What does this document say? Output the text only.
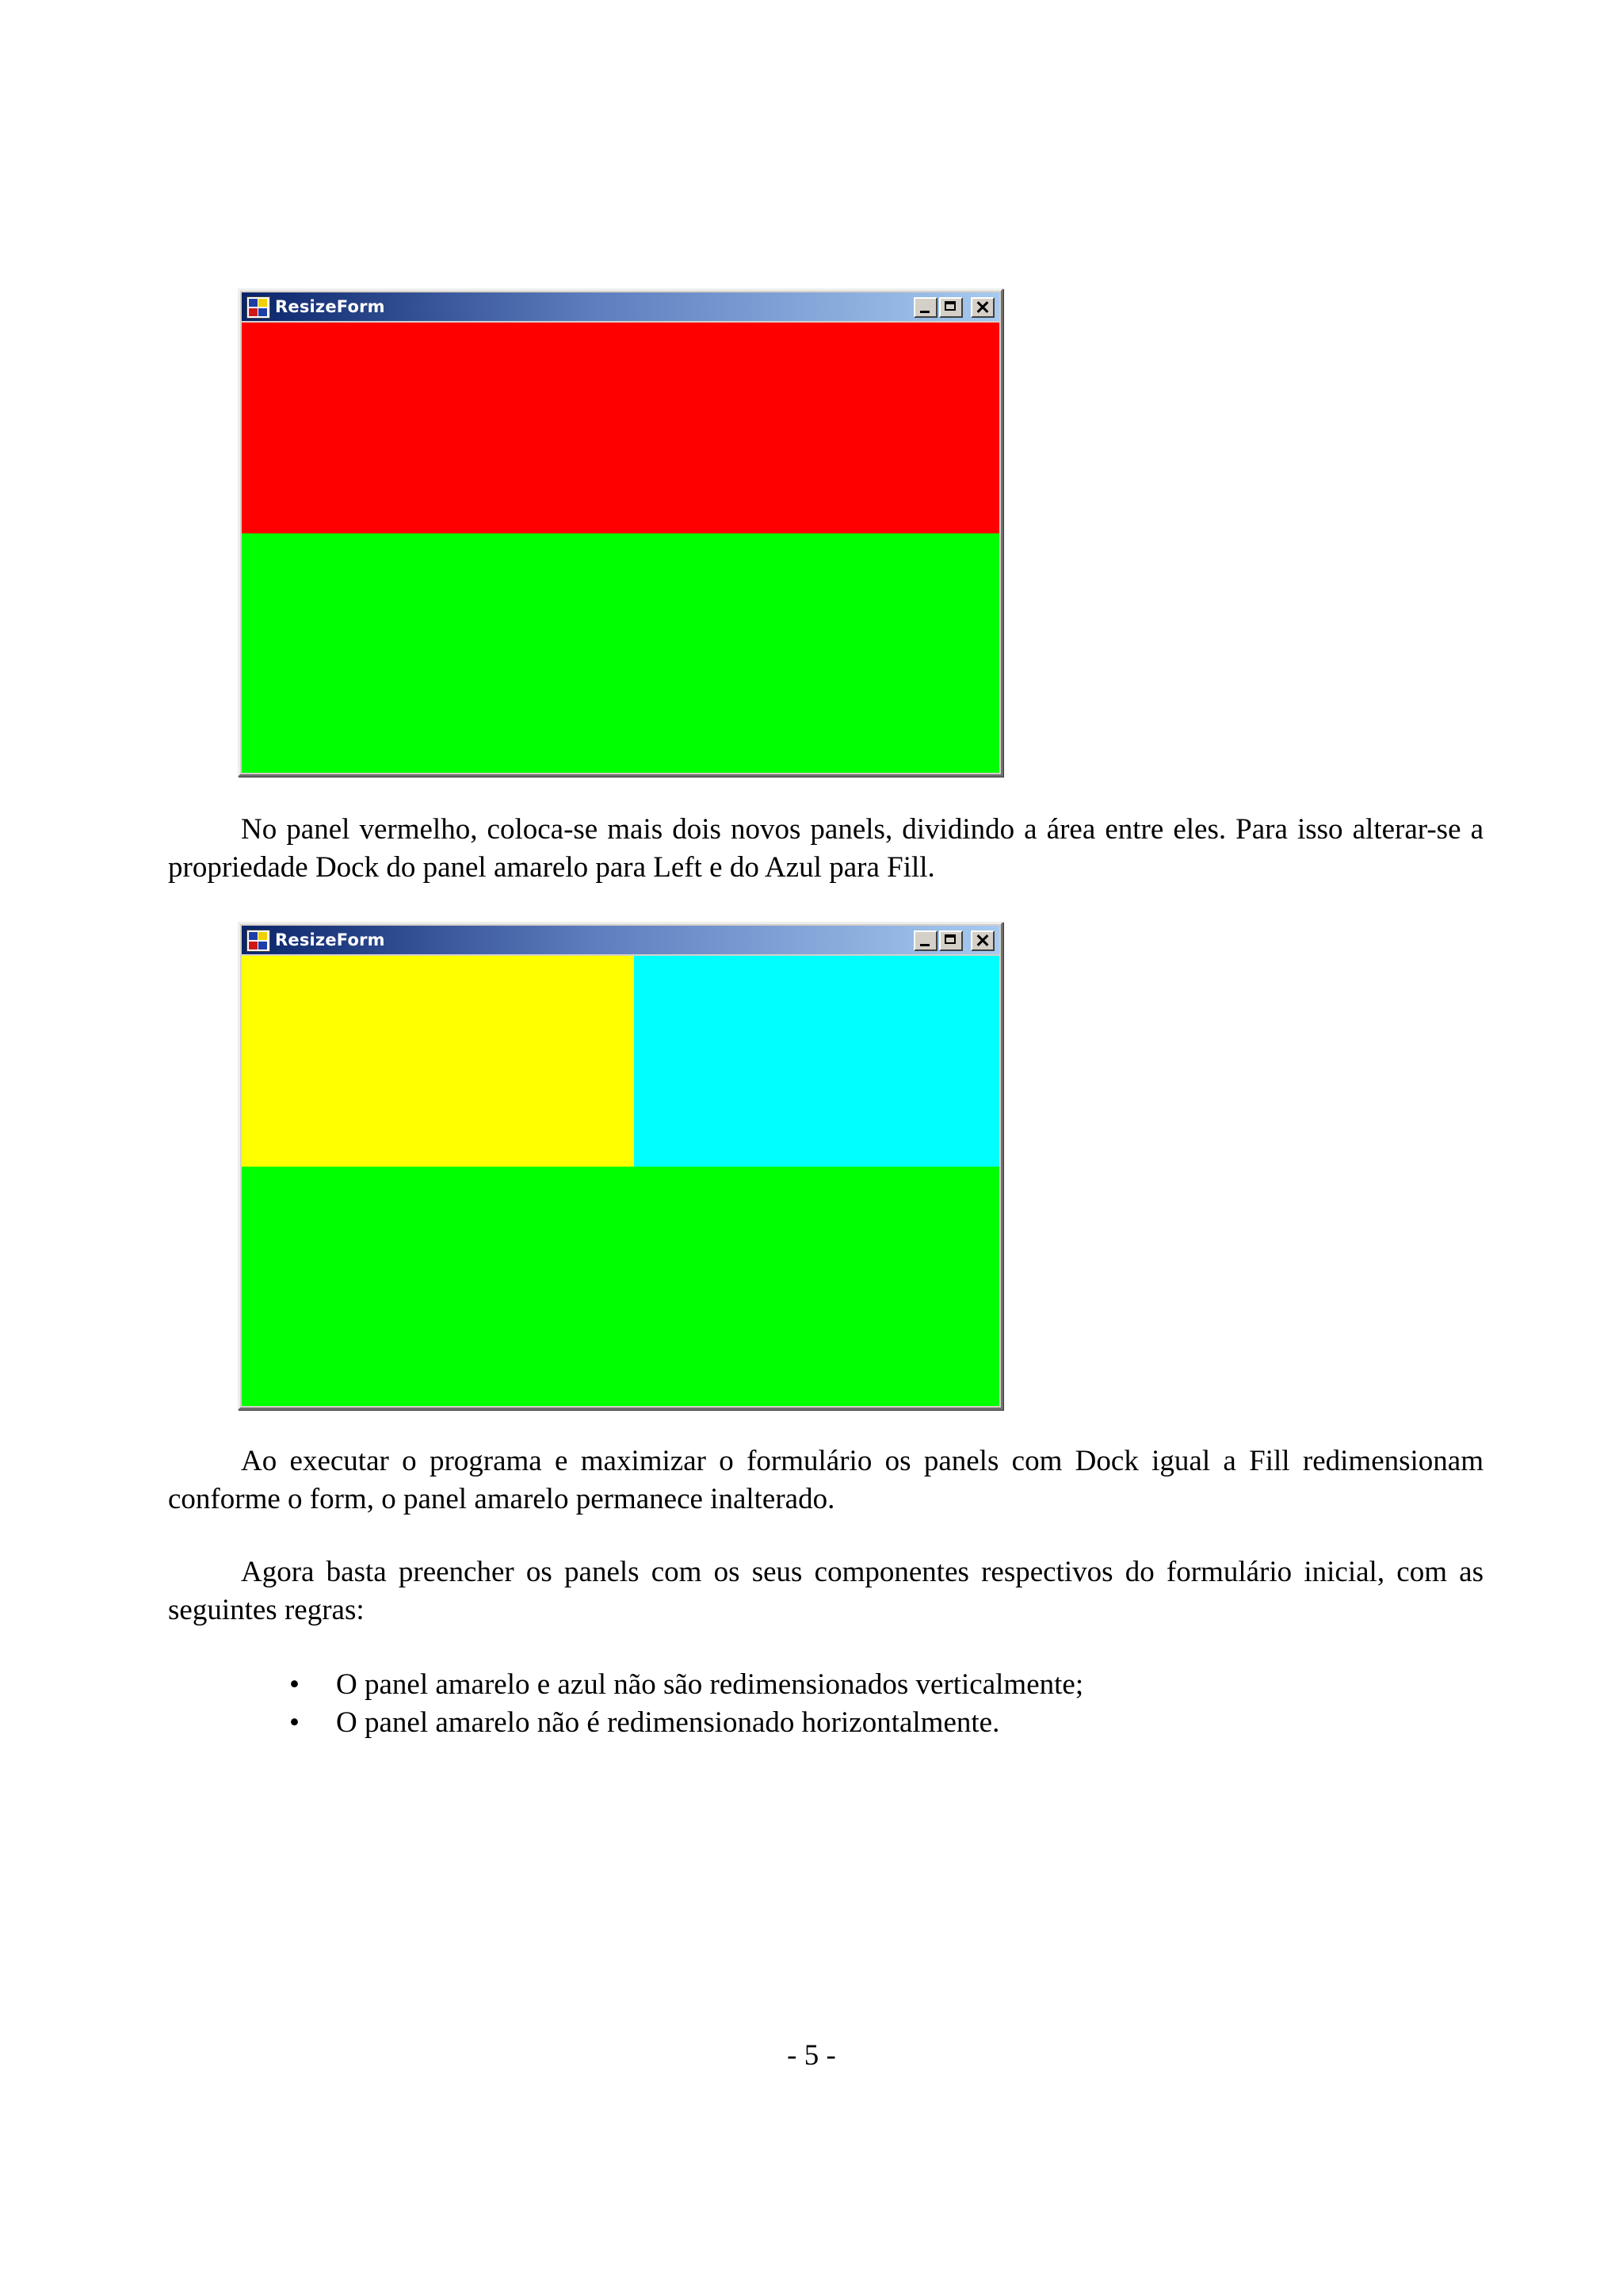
ResizeForm

No panel vermelho, coloca-se mais dois novos panels, dividindo a área entre eles. Para isso alterar-se a propriedade Dock do panel amarelo para Left e do Azul para Fill.

ResizeForm

Ao executar o programa e maximizar o formulário os panels com Dock igual a Fill redimensionam conforme o form, o panel amarelo permanece inalterado.

Agora basta preencher os panels com os seus componentes respectivos do formulário inicial, com as seguintes regras:

• O panel amarelo e azul não são redimensionados verticalmente;
• O panel amarelo não é redimensionado horizontalmente.
- 5 -
